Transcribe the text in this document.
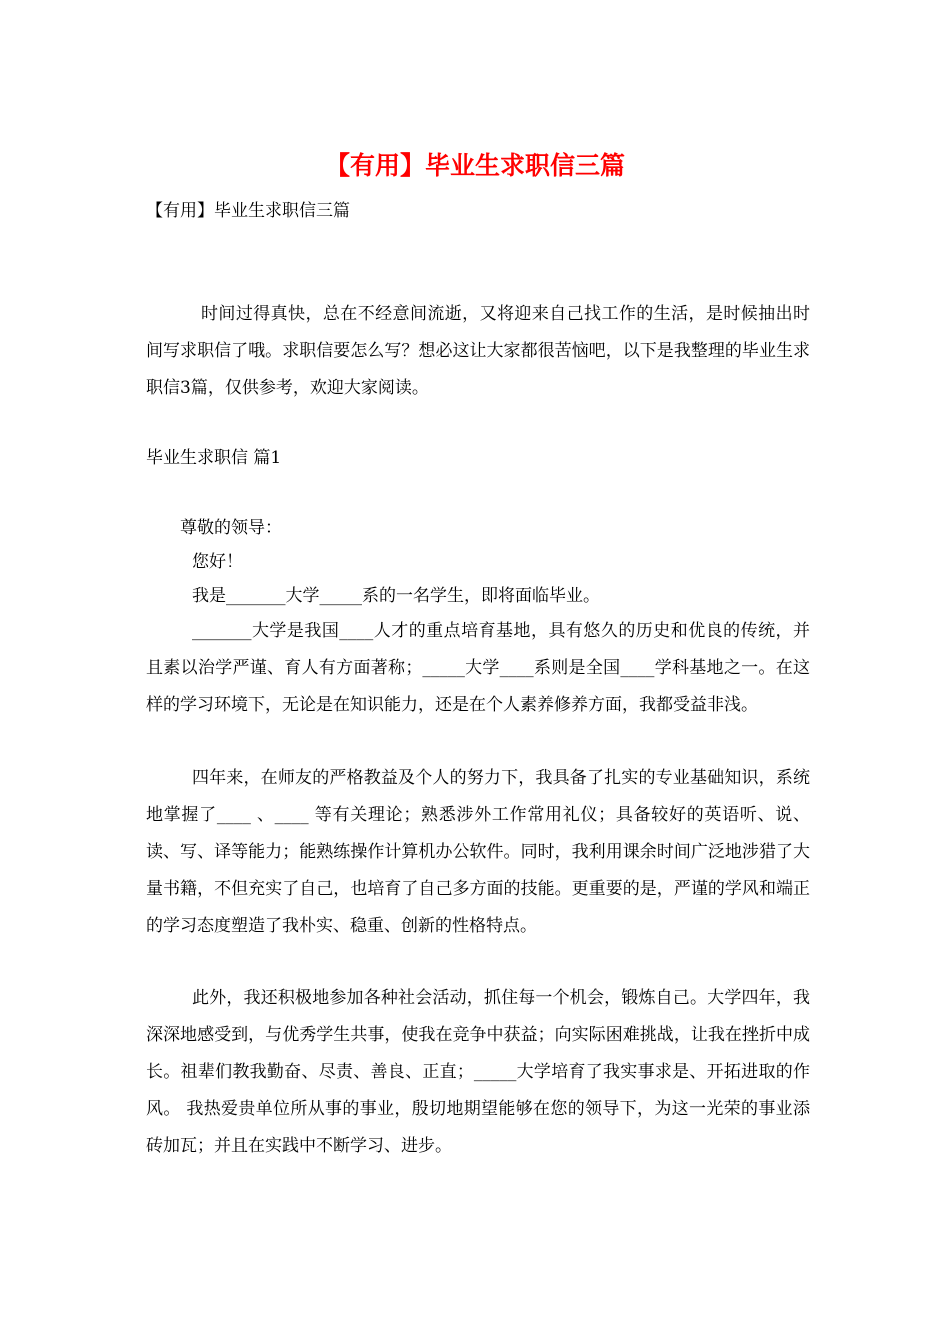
【有用】毕业生求职信三篇
【有用】毕业生求职信三篇

时间过得真快，总在不经意间流逝，又将迎来自己找工作的生活，是时候抽出时间写求职信了哦。求职信要怎么写？想必这让大家都很苦恼吧，以下是我整理的毕业生求职信3篇，仅供参考，欢迎大家阅读。

毕业生求职信 篇1
尊敬的领导：
您好！
我是_______大学_____系的一名学生，即将面临毕业。

_______大学是我国____人才的重点培育基地，具有悠久的历史和优良的传统，并且素以治学严谨、育人有方面著称；_____大学____系则是全国____学科基地之一。在这样的学习环境下，无论是在知识能力，还是在个人素养修养方面，我都受益非浅。

四年来，在师友的严格教益及个人的努力下，我具备了扎实的专业基础知识，系统地掌握了____ 、____ 等有关理论；熟悉涉外工作常用礼仪；具备较好的英语听、说、读、写、译等能力；能熟练操作计算机办公软件。同时，我利用课余时间广泛地涉猎了大量书籍，不但充实了自己，也培育了自己多方面的技能。更重要的是，严谨的学风和端正的学习态度塑造了我朴实、稳重、创新的性格特点。

此外，我还积极地参加各种社会活动，抓住每一个机会，锻炼自己。大学四年，我深深地感受到，与优秀学生共事，使我在竞争中获益；向实际困难挑战，让我在挫折中成长。祖辈们教我勤奋、尽责、善良、正直；_____大学培育了我实事求是、开拓进取的作风。 我热爱贵单位所从事的事业，殷切地期望能够在您的领导下，为这一光荣的事业添砖加瓦；并且在实践中不断学习、进步。
